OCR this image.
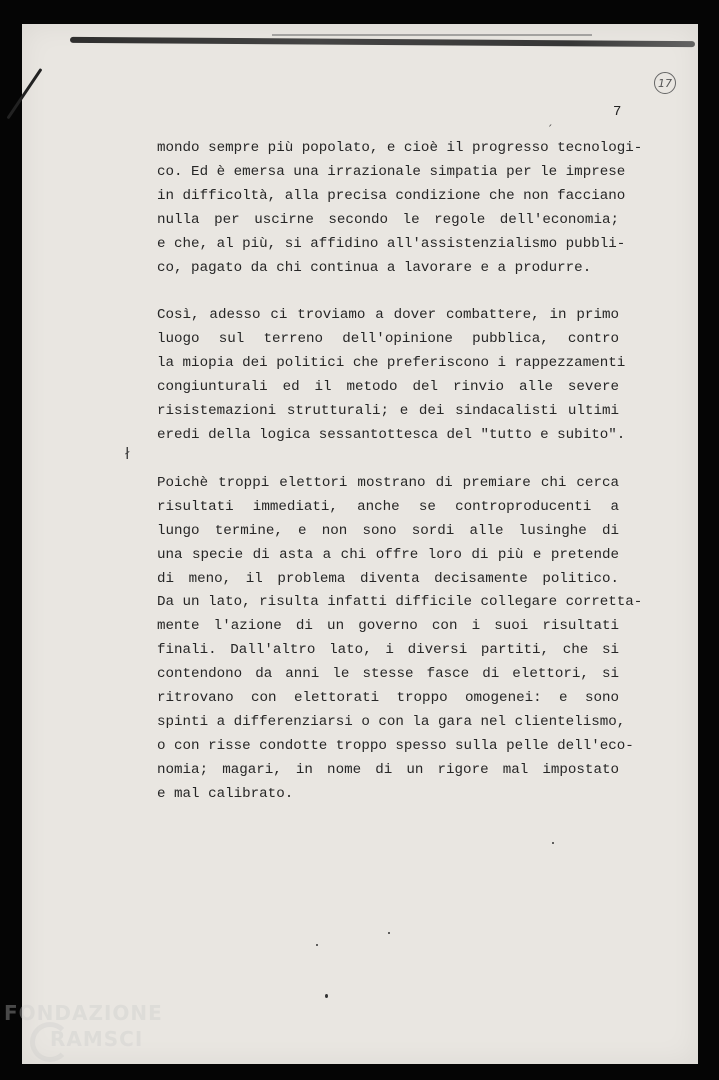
17
7

mondo sempre più popolato, e cioè il progresso tecnologi-
co. Ed è emersa una irrazionale simpatia per le imprese
in difficoltà, alla precisa condizione che non facciano
nulla per uscirne secondo le regole dell'economia;
e che, al più, si affidino all'assistenzialismo pubbli-
co, pagato da chi continua a lavorare e a produrre.

Così, adesso ci troviamo a dover combattere, in primo
luogo sul terreno dell'opinione pubblica, contro
la miopia dei politici che preferiscono i rappezzamenti
congiunturali ed il metodo del rinvio alle severe
risistemazioni strutturali; e dei sindacalisti ultimi
eredi della logica sessantottesca del "tutto e subito".

Poichè troppi elettori mostrano di premiare chi cerca
risultati immediati, anche se controproducenti a
lungo termine, e non sono sordi alle lusinghe di
una specie di asta a chi offre loro di più e pretende
di meno, il problema diventa decisamente politico.
Da un lato, risulta infatti difficile collegare corretta-
mente l'azione di un governo con i suoi risultati
finali. Dall'altro lato, i diversi partiti, che si
contendono da anni le stesse fasce di elettori, si
ritrovano con elettorati troppo omogenei: e sono
spinti a differenziarsi o con la gara nel clientelismo,
o con risse condotte troppo spesso sulla pelle dell'eco-
nomia; magari, in nome di un rigore mal impostato
e mal calibrato.

ł
ˏ
FONDAZIONE
RAMSCI
